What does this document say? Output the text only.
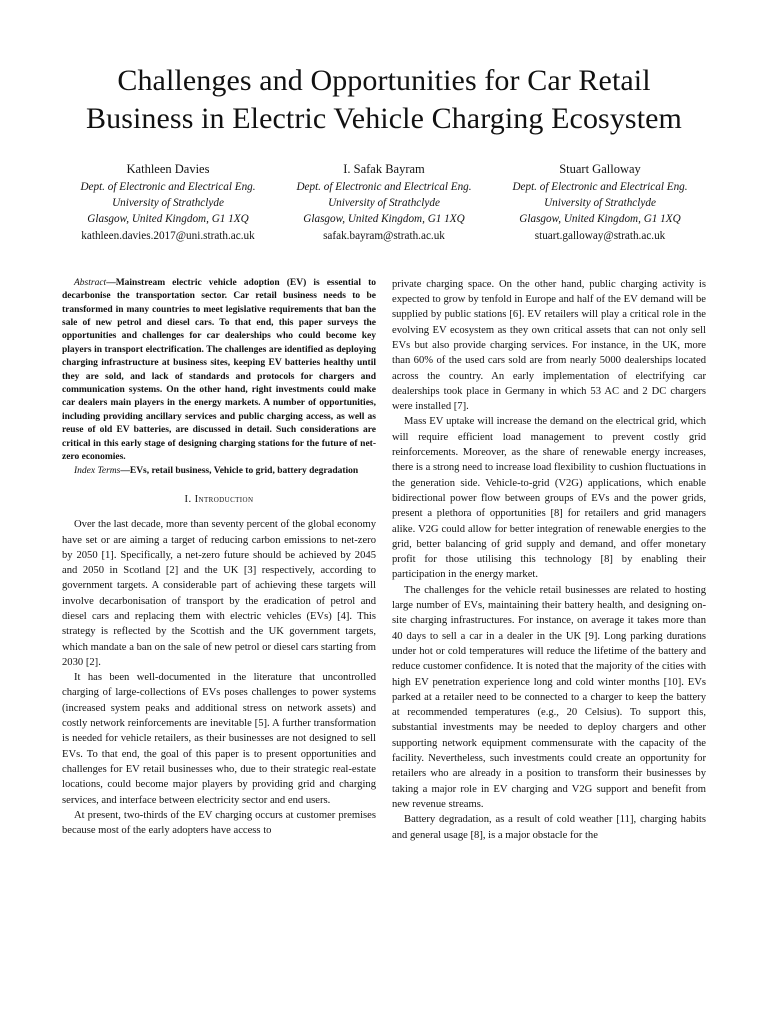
Challenges and Opportunities for Car Retail Business in Electric Vehicle Charging Ecosystem
Kathleen Davies
Dept. of Electronic and Electrical Eng.
University of Strathclyde
Glasgow, United Kingdom, G1 1XQ
kathleen.davies.2017@uni.strath.ac.uk
I. Safak Bayram
Dept. of Electronic and Electrical Eng.
University of Strathclyde
Glasgow, United Kingdom, G1 1XQ
safak.bayram@strath.ac.uk
Stuart Galloway
Dept. of Electronic and Electrical Eng.
University of Strathclyde
Glasgow, United Kingdom, G1 1XQ
stuart.galloway@strath.ac.uk

Abstract—Mainstream electric vehicle adoption (EV) is essential to decarbonise the transportation sector. Car retail business needs to be transformed in many countries to meet legislative requirements that ban the sale of new petrol and diesel cars. To that end, this paper surveys the opportunities and challenges for car dealerships who could become key players in transport electrification. The challenges are identified as deploying charging infrastructure at business sites, keeping EV batteries healthy until they are sold, and lack of standards and protocols for chargers and communication systems. On the other hand, right investments could make car dealers main players in the energy markets. A number of opportunities, including providing ancillary services and public charging access, as well as reuse of old EV batteries, are discussed in detail. Such considerations are critical in this early stage of designing charging stations for the future of net-zero economies.

Index Terms—EVs, retail business, Vehicle to grid, battery degradation

I. Introduction

Over the last decade, more than seventy percent of the global economy have set or are aiming a target of reducing carbon emissions to net-zero by 2050 [1]. Specifically, a net-zero future should be achieved by 2045 and 2050 in Scotland [2] and the UK [3] respectively, according to government targets. A considerable part of achieving these targets will involve decarbonisation of transport by the eradication of petrol and diesel cars and replacing them with electric vehicles (EVs) [4]. This strategy is reflected by the Scottish and the UK government targets, which mandate a ban on the sale of new petrol or diesel cars starting from 2030 [2].

It has been well-documented in the literature that uncontrolled charging of large-collections of EVs poses challenges to power systems (increased system peaks and additional stress on network assets) and costly network reinforcements are inevitable [5]. A further transformation is needed for vehicle retailers, as their businesses are not designed to sell EVs. To that end, the goal of this paper is to present opportunities and challenges for EV retail businesses who, due to their strategic real-estate locations, could become major players by providing grid and charging services, and interface between electricity sector and end users.

At present, two-thirds of the EV charging occurs at customer premises because most of the early adopters have access to

private charging space. On the other hand, public charging activity is expected to grow by tenfold in Europe and half of the EV demand will be supplied by public stations [6]. EV retailers will play a critical role in the evolving EV ecosystem as they own critical assets that can not only sell EVs but also provide charging services. For instance, in the UK, more than 60% of the used cars sold are from nearly 5000 dealerships located across the country. An early implementation of electrifying car dealerships took place in Germany in which 53 AC and 2 DC chargers were installed [7].

Mass EV uptake will increase the demand on the electrical grid, which will require efficient load management to prevent costly grid reinforcements. Moreover, as the share of renewable energy increases, there is a strong need to increase load flexibility to cushion fluctuations in the generation side. Vehicle-to-grid (V2G) applications, which enable bidirectional power flow between groups of EVs and the power grids, present a plethora of opportunities [8] for retailers and grid managers alike. V2G could allow for better integration of renewable energies to the grid, better balancing of grid supply and demand, and offer monetary profit for those utilising this technology [8] by enabling their participation in the energy market.

The challenges for the vehicle retail businesses are related to hosting large number of EVs, maintaining their battery health, and designing on-site charging infrastructures. For instance, on average it takes more than 40 days to sell a car in a dealer in the UK [9]. Long parking durations under hot or cold temperatures will reduce the lifetime of the battery and reduce customer confidence. It is noted that the majority of the cities with high EV penetration experience long and cold winter months [10]. EVs parked at a retailer need to be connected to a charger to keep the battery at recommended temperatures (e.g., 20 Celsius). To support this, substantial investments may be needed to deploy chargers and other supporting network equipment commensurate with the capacity of the facility. Nevertheless, such investments could create an opportunity for retailers who are already in a position to transform their businesses by taking a major role in EV charging and V2G support and benefit from new revenue streams.

Battery degradation, as a result of cold weather [11], charging habits and general usage [8], is a major obstacle for the
